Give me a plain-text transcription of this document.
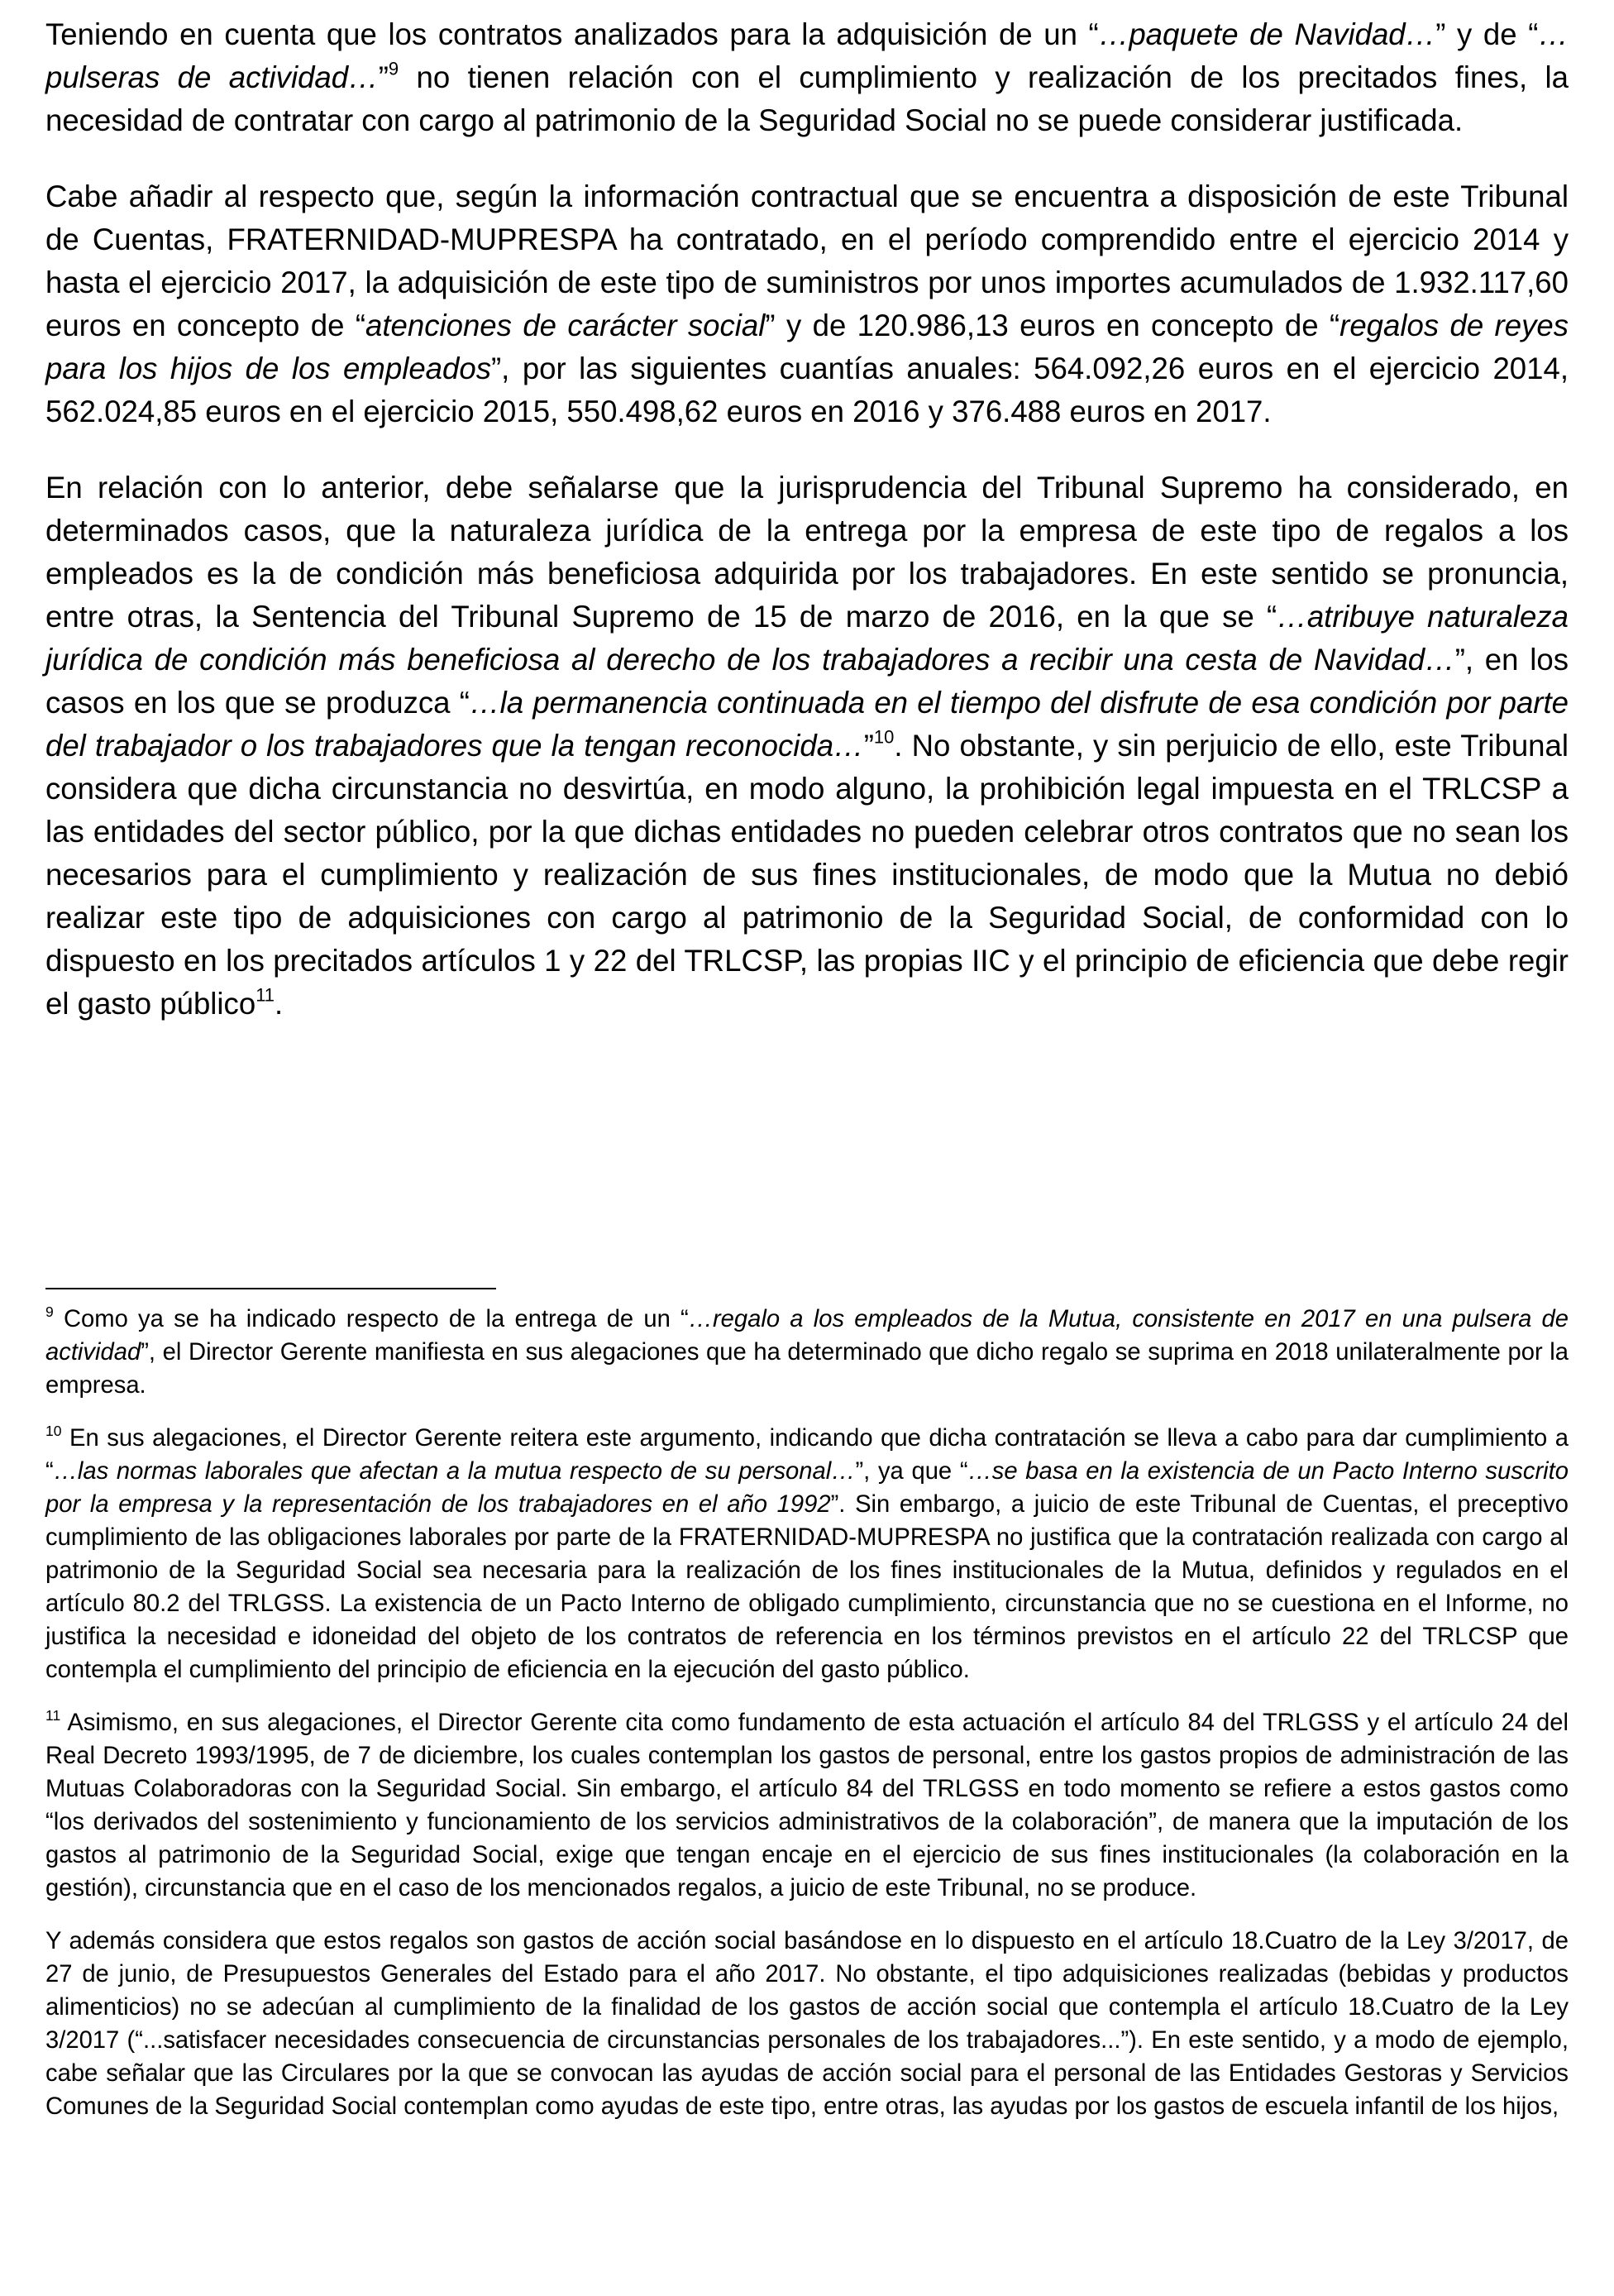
Teniendo en cuenta que los contratos analizados para la adquisición de un “…paquete de Navidad…” y de “…pulseras de actividad…”$^9$ no tienen relación con el cumplimiento y realización de los precitados fines, la necesidad de contratar con cargo al patrimonio de la Seguridad Social no se puede considerar justificada.

Cabe añadir al respecto que, según la información contractual que se encuentra a disposición de este Tribunal de Cuentas, FRATERNIDAD-MUPRESPA ha contratado, en el período comprendido entre el ejercicio 2014 y hasta el ejercicio 2017, la adquisición de este tipo de suministros por unos importes acumulados de 1.932.117,60 euros en concepto de “atenciones de carácter social” y de 120.986,13 euros en concepto de “regalos de reyes para los hijos de los empleados”, por las siguientes cuantías anuales: 564.092,26 euros en el ejercicio 2014, 562.024,85 euros en el ejercicio 2015, 550.498,62 euros en 2016 y 376.488 euros en 2017.

En relación con lo anterior, debe señalarse que la jurisprudencia del Tribunal Supremo ha considerado, en determinados casos, que la naturaleza jurídica de la entrega por la empresa de este tipo de regalos a los empleados es la de condición más beneficiosa adquirida por los trabajadores. En este sentido se pronuncia, entre otras, la Sentencia del Tribunal Supremo de 15 de marzo de 2016, en la que se “…atribuye naturaleza jurídica de condición más beneficiosa al derecho de los trabajadores a recibir una cesta de Navidad…”, en los casos en los que se produzca “…la permanencia continuada en el tiempo del disfrute de esa condición por parte del trabajador o los trabajadores que la tengan reconocida…”$^{10}$. No obstante, y sin perjuicio de ello, este Tribunal considera que dicha circunstancia no desvirtúa, en modo alguno, la prohibición legal impuesta en el TRLCSP a las entidades del sector público, por la que dichas entidades no pueden celebrar otros contratos que no sean los necesarios para el cumplimiento y realización de sus fines institucionales, de modo que la Mutua no debió realizar este tipo de adquisiciones con cargo al patrimonio de la Seguridad Social, de conformidad con lo dispuesto en los precitados artículos 1 y 22 del TRLCSP, las propias IIC y el principio de eficiencia que debe regir el gasto público$^{11}$.

$^9$ Como ya se ha indicado respecto de la entrega de un “…regalo a los empleados de la Mutua, consistente en 2017 en una pulsera de actividad”, el Director Gerente manifiesta en sus alegaciones que ha determinado que dicho regalo se suprima en 2018 unilateralmente por la empresa.

$^{10}$ En sus alegaciones, el Director Gerente reitera este argumento, indicando que dicha contratación se lleva a cabo para dar cumplimiento a “…las normas laborales que afectan a la mutua respecto de su personal…”, ya que “…se basa en la existencia de un Pacto Interno suscrito por la empresa y la representación de los trabajadores en el año 1992”. Sin embargo, a juicio de este Tribunal de Cuentas, el preceptivo cumplimiento de las obligaciones laborales por parte de la FRATERNIDAD-MUPRESPA no justifica que la contratación realizada con cargo al patrimonio de la Seguridad Social sea necesaria para la realización de los fines institucionales de la Mutua, definidos y regulados en el artículo 80.2 del TRLGSS. La existencia de un Pacto Interno de obligado cumplimiento, circunstancia que no se cuestiona en el Informe, no justifica la necesidad e idoneidad del objeto de los contratos de referencia en los términos previstos en el artículo 22 del TRLCSP que contempla el cumplimiento del principio de eficiencia en la ejecución del gasto público.

$^{11}$ Asimismo, en sus alegaciones, el Director Gerente cita como fundamento de esta actuación el artículo 84 del TRLGSS y el artículo 24 del Real Decreto 1993/1995, de 7 de diciembre, los cuales contemplan los gastos de personal, entre los gastos propios de administración de las Mutuas Colaboradoras con la Seguridad Social. Sin embargo, el artículo 84 del TRLGSS en todo momento se refiere a estos gastos como “los derivados del sostenimiento y funcionamiento de los servicios administrativos de la colaboración”, de manera que la imputación de los gastos al patrimonio de la Seguridad Social, exige que tengan encaje en el ejercicio de sus fines institucionales (la colaboración en la gestión), circunstancia que en el caso de los mencionados regalos, a juicio de este Tribunal, no se produce.

Y además considera que estos regalos son gastos de acción social basándose en lo dispuesto en el artículo 18.Cuatro de la Ley 3/2017, de 27 de junio, de Presupuestos Generales del Estado para el año 2017. No obstante, el tipo adquisiciones realizadas (bebidas y productos alimenticios) no se adecúan al cumplimiento de la finalidad de los gastos de acción social que contempla el artículo 18.Cuatro de la Ley 3/2017 (“...satisfacer necesidades consecuencia de circunstancias personales de los trabajadores...”). En este sentido, y a modo de ejemplo, cabe señalar que las Circulares por la que se convocan las ayudas de acción social para el personal de las Entidades Gestoras y Servicios Comunes de la Seguridad Social contemplan como ayudas de este tipo, entre otras, las ayudas por los gastos de escuela infantil de los hijos,
